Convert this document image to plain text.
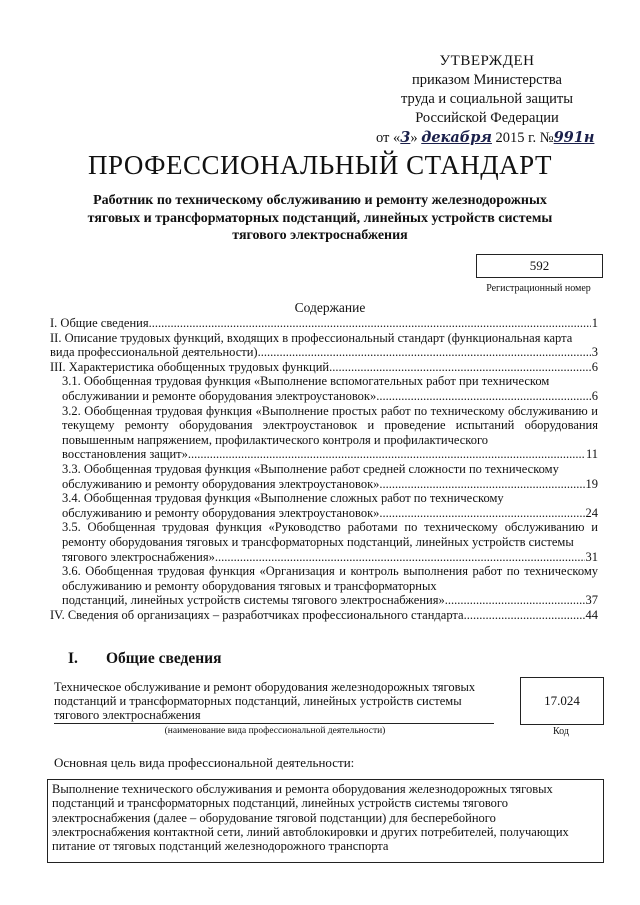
УТВЕРЖДЕН
приказом Министерства
труда и социальной защиты
Российской Федерации
от «3» декабря 2015 г. №991н
ПРОФЕССИОНАЛЬНЫЙ СТАНДАРТ
Работник по техническому обслуживанию и ремонту железнодорожных тяговых и трансформаторных подстанций, линейных устройств системы тягового электроснабжения
592
Регистрационный номер
Содержание
I. Общие сведения .....	1

II. Описание трудовых функций, входящих в профессиональный стандарт (функциональная карта

вида профессиональной деятельности) .....	3
III. Характеристика обобщенных трудовых функций .....	6

3.1. Обобщенная трудовая функция «Выполнение вспомогательных работ при техническом

обслуживании и ремонте оборудования электроустановок» .....	6

3.2. Обобщенная трудовая функция «Выполнение простых работ по техническому обслуживанию и текущему ремонту оборудования электроустановок и проведение испытаний оборудования повышенным напряжением, профилактического контроля и профилактического

восстановления защит» .....	11

3.3. Обобщенная трудовая функция «Выполнение работ средней сложности по техническому

обслуживанию и ремонту оборудования электроустановок» .....	19

3.4. Обобщенная трудовая функция «Выполнение сложных работ по техническому

обслуживанию и ремонту оборудования электроустановок» .....	24

3.5. Обобщенная трудовая функция «Руководство работами по техническому обслуживанию и ремонту оборудования тяговых и трансформаторных подстанций, линейных устройств системы

тягового электроснабжения» .....	31

3.6. Обобщенная трудовая функция «Организация и контроль выполнения работ по техническому обслуживанию и ремонту оборудования тяговых и трансформаторных

подстанций, линейных устройств системы тягового электроснабжения» .....	37
IV. Сведения об организациях – разработчиках профессионального стандарта .....	44
I. Общие сведения
Техническое обслуживание и ремонт оборудования железнодорожных тяговых подстанций и трансформаторных подстанций, линейных устройств системы тягового электроснабжения
(наименование вида профессиональной деятельности)
17.024
Код
Основная цель вида профессиональной деятельности:
Выполнение технического обслуживания и ремонта оборудования железнодорожных тяговых подстанций и трансформаторных подстанций, линейных устройств системы тягового электроснабжения (далее – оборудование тяговой подстанции) для бесперебойного электроснабжения контактной сети, линий автоблокировки и других потребителей, получающих питание от тяговых подстанций железнодорожного транспорта
